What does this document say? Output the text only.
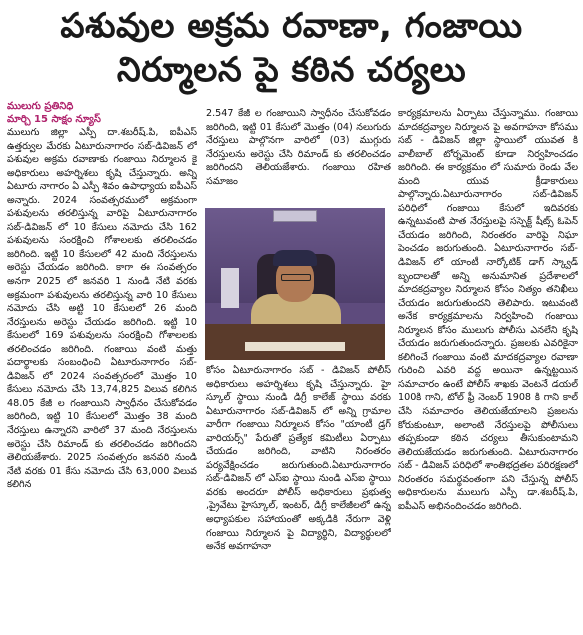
పశువుల అక్రమ రవాణా, గంజాయి
నిర్మూలన పై కఠిన చర్యలు
ములుగు ప్రతినిధి
మార్చి 15 సాక్షం న్యూస్

ములుగు జిల్లా ఎస్పీ దా.శబరీష్.పి, ఐపీఎస్ ఉత్తర్వుల మేరకు ఏటూరునాగారం సబ్-డివిజన్ లో పశువుల అక్రమ రవాణాకు గంజాయి నిర్మూలన కై అధికారులు అహర్నిశలు కృషి చేస్తున్నారు. అన్ని ఏటూరు నాగారం ఏ ఎస్పీ శివం ఉపాధ్యాయ ఐపీఎస్ అన్నారు. 2024 సంవత్సరములో అక్రమంగా పశువులను తరలిస్తున్న వారిపై ఏటూరునాగారం సబ్-డివిజన్ లో 10 కేసులు నమోదు చేసి 162 పశువులను సంరక్షించి గోశాలలకు తరలించడం జరిగింది. ఇట్టి 10 కేసులలో 42 మంది నేరస్తులను అరెస్టు చేయడం జరిగింది. కాగా ఈ సంవత్సరం అనగా 2025 లో జనవరి 1 నుండి నేటి వరకు అక్రమంగా పశువులను తరలిస్తున్న వారి 10 కేసులు నమోదు చేసి అట్టి 10 కేసులలో 26 మంది నేరస్తులను అరెస్టు చేయడం జరిగింది. ఇట్టి 10 కేసులలో 169 పశువులను సంరక్షించి గోశాలలకు తరలించడం జరిగింది. గంజాయి వంటి మత్తు పదార్థాలకు సంబంధించి ఏటూరునాగారం సబ్-డివిజన్ లో 2024 సంవత్సరంలో మొత్తం 10 కేసులు నమోదు చేసి 13,74,825 విలువ కలిగిన 48.05 కేజీ ల గంజాయిని స్వాధీనం చేసుకోవడం జరిగింది, ఇట్టి 10 కేసులలో మొత్తం 38 మంది నేరస్తులు ఉన్నారని వారిలో 37 మంది నేరస్తులను అరెస్టు చేసి రిమాండ్ కు తరలించడం జరిగిందని తెలియజేశారు. 2025 సంవత్సరం జనవరి నుండి నేటి వరకు 01 కేసు నమోదు చేసి 63,000 విలువ కలిగిన

2.547 కేజీ ల గంజాయిని స్వాధీనం చేసుకోవడం జరిగింది, ఇట్టి 01 కేసులో మొత్తం (04) నలుగురు నేరస్తులు పాల్గొనగా వారిలో (03) ముగ్గురు నేరస్తులను అరెస్టు చేసి రిమాండ్ కు తరలించడం జరిగిందని తెలియజేశారు. గంజాయి రహిత సమాజం

కోసం ఏటూరునాగారం సబ్ - డివిజన్ పోలీస్ అధికారులు అహర్నిశలు కృషి చేస్తున్నారు. హై స్కూల్ స్థాయి నుండి డిగ్రీ కాలేజ్ స్థాయి వరకు ఏటూరునాగారం సబ్-డివిజన్ లో అన్ని గ్రామాల వారీగా గంజాయి నిర్మూలన కోసం "యాంటీ డ్రగ్ వారియర్స్" పేరుతో ప్రత్యేక కమిటీలు ఏర్పాటు చేయడం జరిగింది, వాటిని నిరంతరం పర్యవేక్షించడం జరుగుతుంది.ఏటూరునాగారం సబ్-డివిజన్ లో ఎస్ఐ స్థాయి నుండి ఎస్ఐ స్థాయి వరకు అందరూ పోలీస్ అధికారులు ప్రభుత్వ ,ప్రైవేటు హైస్కూల్, ఇంటర్, డిగ్రీ కాలేజీలలో ఉన్న అధ్యాపకుల సహాయంతో అక్కడికి నేరుగా వెళ్లి గంజాయి నిర్మూలన పై విద్యార్థిని, విద్యార్థులలో అనేక అవగాహనా

కార్యక్రమాలను ఏర్పాటు చేస్తున్నాము. గంజాయి మాదకద్రవ్యాల నిర్మూలన పై అవగాహనా కోసము సబ్ - డివిజన్ జిల్లా స్థాయిలో యువత కి వాలీబాల్ టోర్నమెంట్ కూడా నిర్వహించడం జరిగింది. ఈ కార్యక్రమం లో సుమారు రెండు వేల మంది యువ క్రీడాకారులు పాల్గొన్నారు.ఏటూరునాగారం సబ్-డివిజన్ పరిధిలో గంజాయి కేసులో ఇదివరకు ఉన్నటువంటి పాత నేరస్తులపై సస్పెక్ట్ షీట్స్ ఓపెన్ చేయడం జరిగింది, నిరంతరం వారిపై నిఘా పెంచడం జరుగుతుంది. ఏటూరునాగారం సబ్-డివిజన్ లో యాంటీ నార్కోటిక్ డాగ్ స్క్వాడ్ బృందాలతో అన్ని అనుమానిత ప్రదేశాలలో మాదకద్రవ్యాల నిర్మూలన కోసం నిత్యం తనిఖీలు చేయడం జరుగుతుందని తెలిపారు. ఇటువంటి అనేక కార్యక్రమాలను నిర్వహించి గంజాయి నిర్మూలన కోసం ములుగు పోలీసు ఎనలేని కృషి చేయడం జరుగుతుందన్నారు. ప్రజలకు ఎవరికైనా కలిగించే గంజాయి వంటి మాదకద్రవ్యాల రవాణా గురించి ఎవరి వద్ద అయినా ఉన్నట్టయిన సమాచారం ఉంటే పోలీస్ శాఖకు వెంటనే డయల్ 100కి గాని, టోల్ ఫ్రీ నెంబర్ 1908 కి గాని కాల్ చేసి సమాచారం తెలియజేయాలని ప్రజలను కోరుకుంటూ, అలాంటి నేరస్తులపై పోలీసులు తప్పకుండా కఠిన చర్యలు తీసుకుంటామని తెలియజేయడం జరుగుతుంది. ఏటూరునాగారం సబ్ - డివిజన్ పరిధిలో శాంతిభద్రతల పరిరక్షణలో నిరంతరం సమర్థవంతంగా పని చేస్తున్న పోలీస్ అధికారులను ములుగు ఎస్పీ డా.శబరీష్.పి, ఐపీఎస్ అభినందించడం జరిగింది.
